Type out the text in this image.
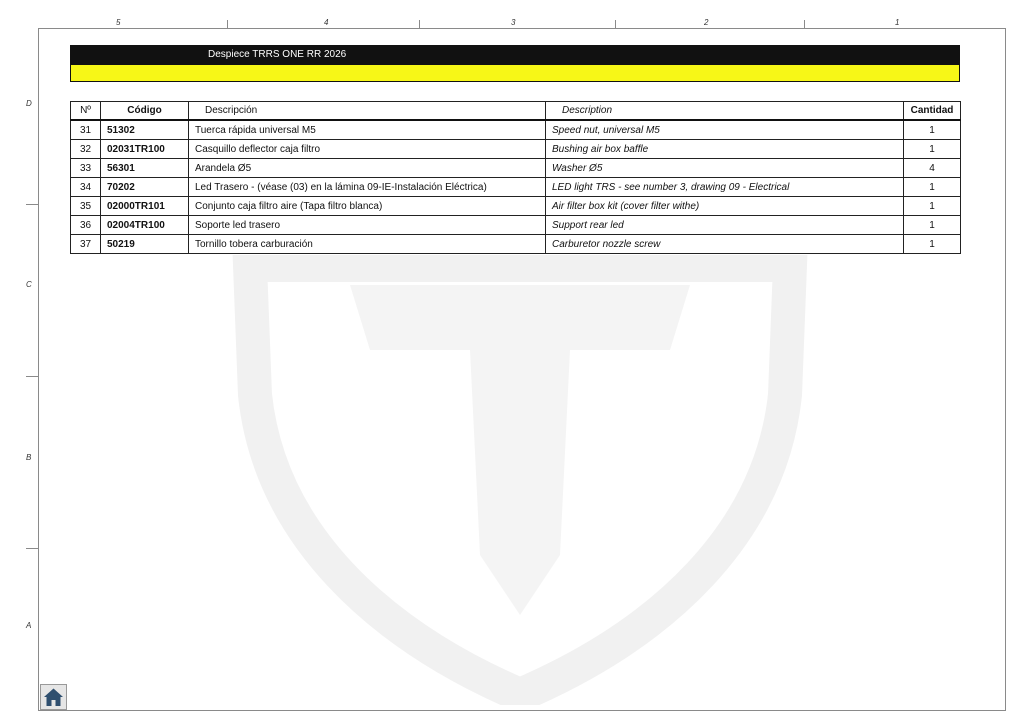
5	4	3	2	1
D
C
B
A
Despiece TRRS ONE RR 2026
Nº	Código	Descripción	Description	Cantidad
31	51302	Tuerca rápida universal M5	Speed nut, universal M5	1
32	02031TR100	Casquillo deflector caja filtro	Bushing air box baffle	1
33	56301	Arandela Ø5	Washer Ø5	4
34	70202	Led Trasero - (véase (03) en la lámina 09-IE-Instalación Eléctrica)	LED light TRS - see number 3, drawing 09 - Electrical	1
35	02000TR101	Conjunto caja filtro aire (Tapa filtro blanca)	Air filter box kit (cover filter withe)	1
36	02004TR100	Soporte led trasero	Support rear led	1
37	50219	Tornillo tobera carburación	Carburetor nozzle screw	1
